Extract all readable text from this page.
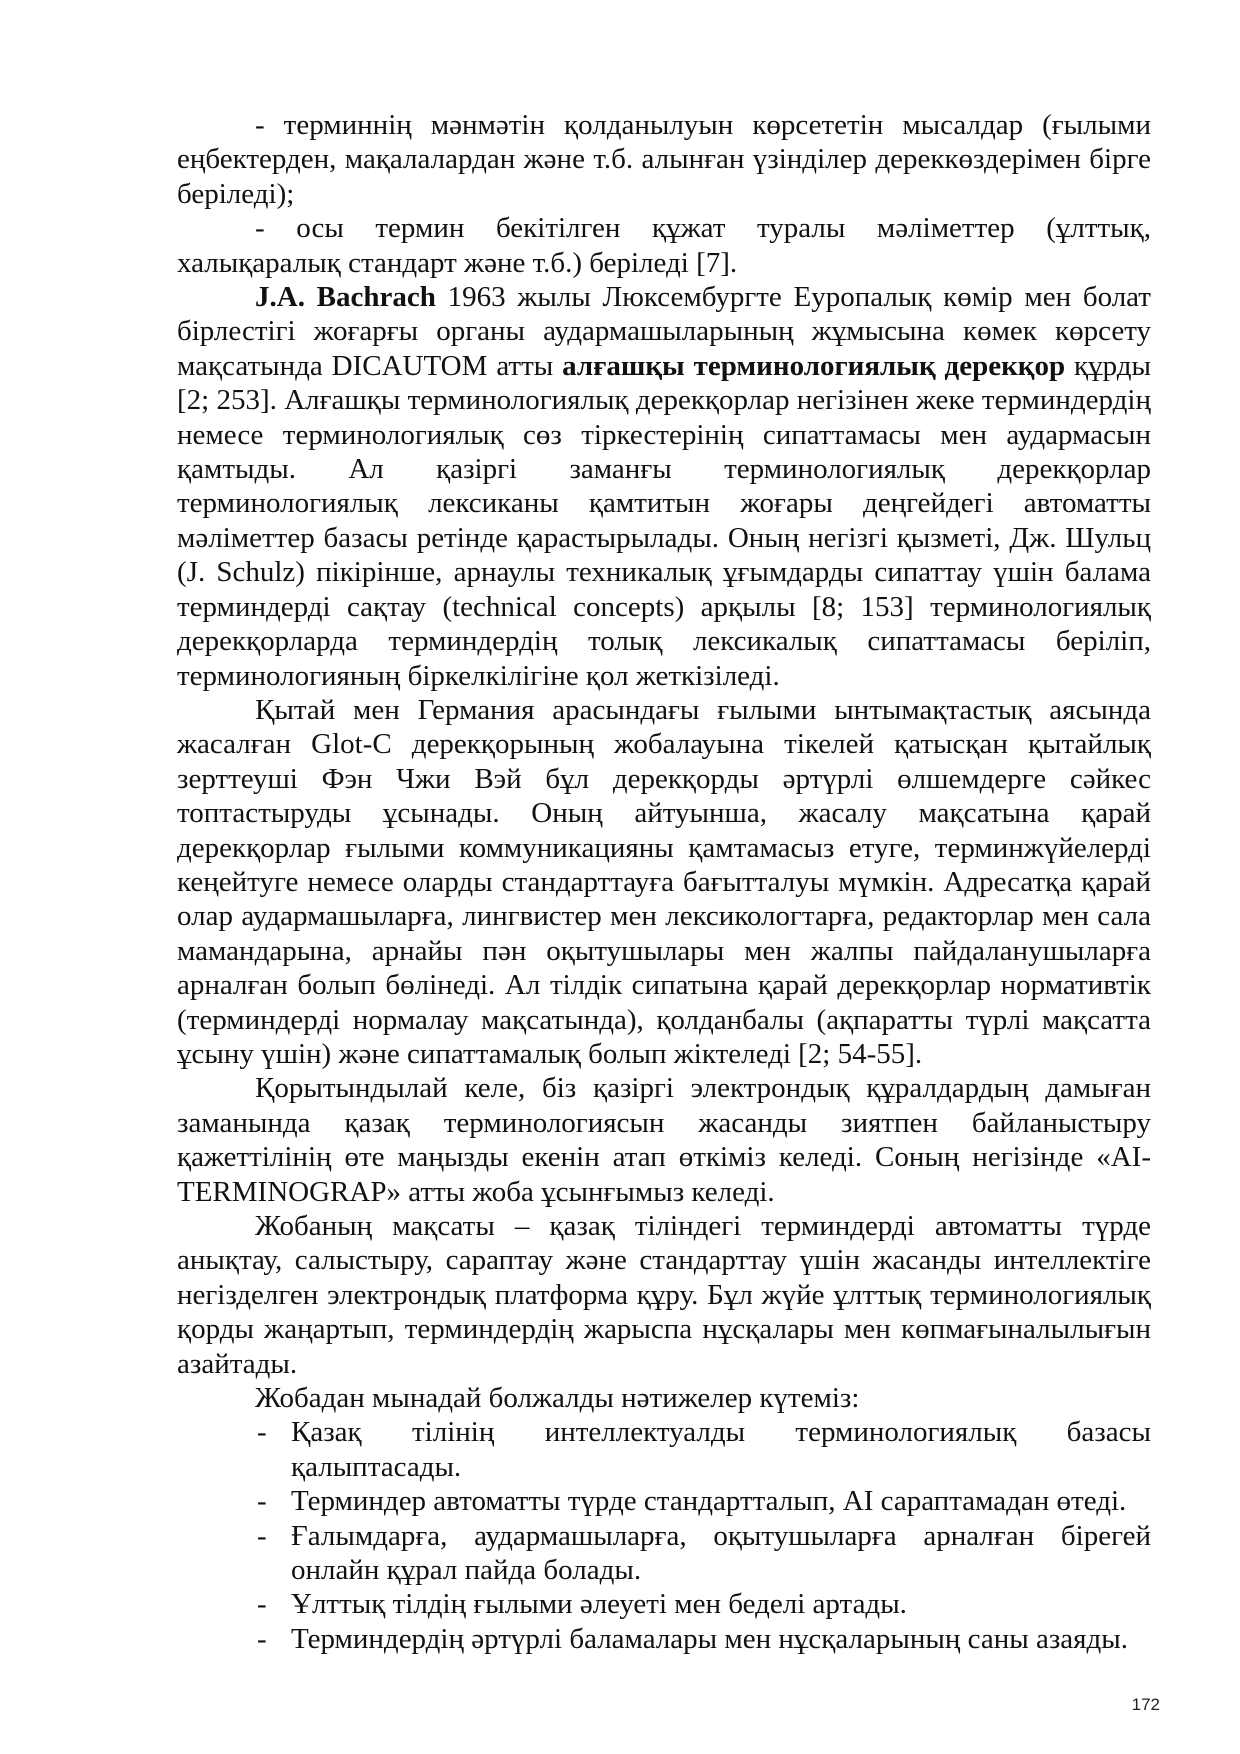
- терминнің мәнмәтін қолданылуын көрсететін мысалдар (ғылыми еңбектерден, мақалалардан және т.б. алынған үзінділер дереккөздерімен бірге беріледі);

- осы термин бекітілген құжат туралы мәліметтер (ұлттық, халықаралық стандарт және т.б.) беріледі [7].

J.A. Bachrach 1963 жылы Люксембургте Еуропалық көмір мен болат бірлестігі жоғарғы органы аудармашыларының жұмысына көмек көрсету мақсатында DICAUTOM атты алғашқы терминологиялық дерекқор құрды [2; 253]. Алғашқы терминологиялық дерекқорлар негізінен жеке терминдердің немесе терминологиялық сөз тіркестерінің сипаттамасы мен аудармасын қамтыды. Ал қазіргі заманғы терминологиялық дерекқорлар терминологиялық лексиканы қамтитын жоғары деңгейдегі автоматты мәліметтер базасы ретінде қарастырылады. Оның негізгі қызметі, Дж. Шульц (J. Schulz) пікірінше, арнаулы техникалық ұғымдарды сипаттау үшін балама терминдерді сақтау (technical concepts) арқылы [8; 153] терминологиялық дерекқорларда терминдердің толық лексикалық сипаттамасы беріліп, терминологияның біркелкілігіне қол жеткізіледі.

Қытай мен Германия арасындағы ғылыми ынтымақтастық аясында жасалған Glot-C дерекқорының жобалауына тікелей қатысқан қытайлық зерттеуші Фэн Чжи Вэй бұл дерекқорды әртүрлі өлшемдерге сәйкес топтастыруды ұсынады. Оның айтуынша, жасалу мақсатына қарай дерекқорлар ғылыми коммуникацияны қамтамасыз етуге, терминжүйелерді кеңейтуге немесе оларды стандарттауға бағытталуы мүмкін. Адресатқа қарай олар аудармашыларға, лингвистер мен лексикологтарға, редакторлар мен сала мамандарына, арнайы пән оқытушылары мен жалпы пайдаланушыларға арналған болып бөлінеді. Ал тілдік сипатына қарай дерекқорлар нормативтік (терминдерді нормалау мақсатында), қолданбалы (ақпаратты түрлі мақсатта ұсыну үшін) және сипаттамалық болып жіктеледі [2; 54-55].

Қорытындылай келе, біз қазіргі электрондық құралдардың дамыған заманында қазақ терминологиясын жасанды зиятпен байланыстыру қажеттілінің өте маңызды екенін атап өткіміз келеді. Соның негізінде «AI-TERMINOGRAP» атты жоба ұсынғымыз келеді.

Жобаның мақсаты – қазақ тіліндегі терминдерді автоматты түрде анықтау, салыстыру, сараптау және стандарттау үшін жасанды интеллектіге негізделген электрондық платформа құру. Бұл жүйе ұлттық терминологиялық қорды жаңартып, терминдердің жарыспа нұсқалары мен көпмағыналылығын азайтады.

Жобадан мынадай болжалды нәтижелер күтеміз:

- Қазақ тілінің интеллектуалды терминологиялық базасы қалыптасады.
- Терминдер автоматты түрде стандартталып, AI сараптамадан өтеді.
- Ғалымдарға, аудармашыларға, оқытушыларға арналған бірегей онлайн құрал пайда болады.
- Ұлттық тілдің ғылыми әлеуеті мен беделі артады.
- Терминдердің әртүрлі баламалары мен нұсқаларының саны азаяды.
172
